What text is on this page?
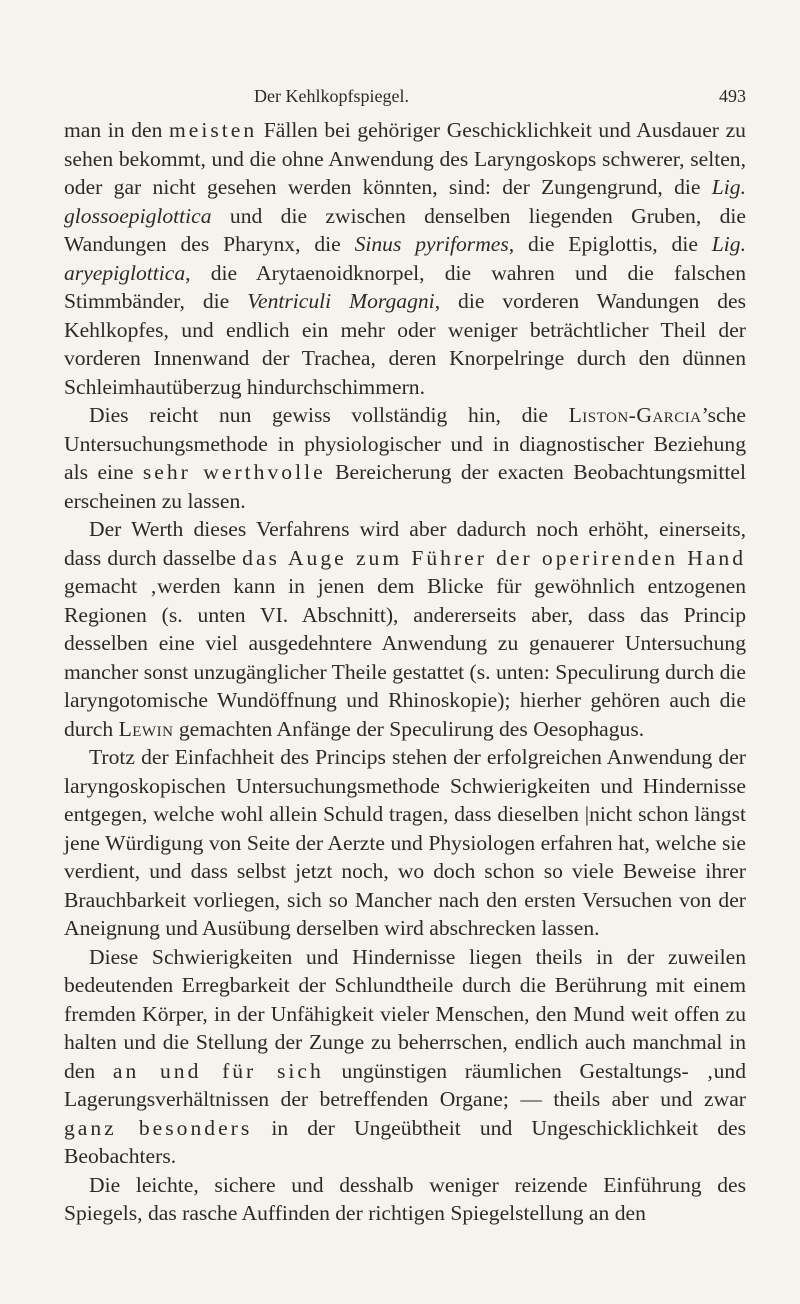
Der Kehlkopfspiegel.	493

man in den meisten Fällen bei gehöriger Geschicklichkeit und Ausdauer zu sehen bekommt, und die ohne Anwendung des Laryngoskops schwerer, selten, oder gar nicht gesehen werden könnten, sind: der Zungengrund, die Lig. glossoepiglottica und die zwischen denselben liegenden Gruben, die Wandungen des Pharynx, die Sinus pyriformes, die Epiglottis, die Lig. aryepiglottica, die Arytaenoidknorpel, die wahren und die falschen Stimmbänder, die Ventriculi Morgagni, die vorderen Wandungen des Kehlkopfes, und endlich ein mehr oder weniger beträchtlicher Theil der vorderen Innenwand der Trachea, deren Knorpelringe durch den dünnen Schleimhautüberzug hindurchschimmern.

Dies reicht nun gewiss vollständig hin, die Liston-Garcia’sche Untersuchungsmethode in physiologischer und in diagnostischer Beziehung als eine sehr werthvolle Bereicherung der exacten Beobachtungsmittel erscheinen zu lassen.

Der Werth dieses Verfahrens wird aber dadurch noch erhöht, einerseits, dass durch dasselbe das Auge zum Führer der operirenden Hand gemacht ‚werden kann in jenen dem Blicke für gewöhnlich entzogenen Regionen (s. unten VI. Abschnitt), andererseits aber, dass das Princip desselben eine viel ausgedehntere Anwendung zu genauerer Untersuchung mancher sonst unzugänglicher Theile gestattet (s. unten: Speculirung durch die laryngotomische Wundöffnung und Rhinoskopie); hierher gehören auch die durch Lewin gemachten Anfänge der Speculirung des Oesophagus.

Trotz der Einfachheit des Princips stehen der erfolgreichen Anwendung der laryngoskopischen Untersuchungsmethode Schwierigkeiten und Hindernisse entgegen, welche wohl allein Schuld tragen, dass dieselben |nicht schon längst jene Würdigung von Seite der Aerzte und Physiologen erfahren hat, welche sie verdient, und dass selbst jetzt noch, wo doch schon so viele Beweise ihrer Brauchbarkeit vorliegen, sich so Mancher nach den ersten Versuchen von der Aneignung und Ausübung derselben wird abschrecken lassen.

Diese Schwierigkeiten und Hindernisse liegen theils in der zuweilen bedeutenden Erregbarkeit der Schlundtheile durch die Berührung mit einem fremden Körper, in der Unfähigkeit vieler Menschen, den Mund weit offen zu halten und die Stellung der Zunge zu beherrschen, endlich auch manchmal in den an und für sich ungünstigen räumlichen Gestaltungs- ‚und Lagerungsverhältnissen der betreffenden Organe; — theils aber und zwar ganz besonders in der Ungeübtheit und Ungeschicklichkeit des Beobachters.

Die leichte, sichere und desshalb weniger reizende Einführung des Spiegels, das rasche Auffinden der richtigen Spiegelstellung an den
